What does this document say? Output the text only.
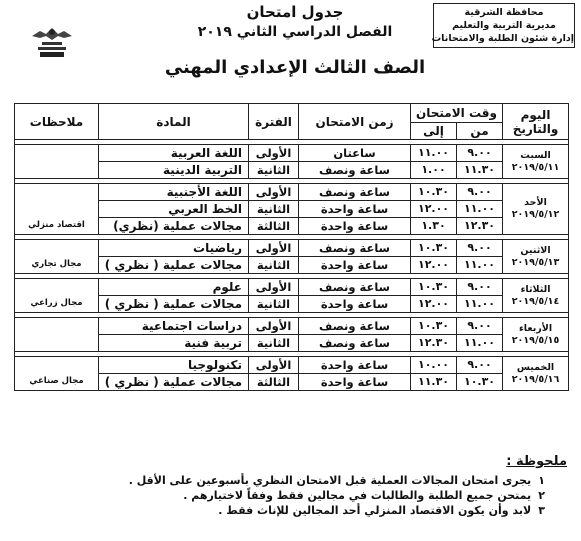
محافظة الشرقية
مديرية التربية والتعليم
إدارة شئون الطلبة والامتحانات
جدول امتحان
الفصل الدراسي الثاني ٢٠١٩
الصف الثالث الإعدادي المهني
اليوم والتاريخ	وقت الامتحان		زمن الامتحان	الفترة	المادة	ملاحظات
	من	إلى				

السبت
٢٠١٩/٥/١١	٩.٠٠	١١.٠٠	ساعتان	الأولى	اللغة العربية	
	١١.٣٠	١.٠٠	ساعة ونصف	الثانية	التربية الدينية	

الأحد
٢٠١٩/٥/١٢	٩.٠٠	١٠.٣٠	ساعة ونصف	الأولى	اللغة الأجنبية	اقتصاد منزلي
	١١.٠٠	١٢.٠٠	ساعة واحدة	الثانية	الخط العربي	
	١٢.٣٠	١.٣٠	ساعة واحدة	الثالثة	مجالات عملية (نظري)	

الاثنين
٢٠١٩/٥/١٣	٩.٠٠	١٠.٣٠	ساعة ونصف	الأولى	رياضيات	مجال تجاري
	١١.٠٠	١٢.٠٠	ساعة واحدة	الثانية	مجالات عملية ( نظري )	

الثلاثاء
٢٠١٩/٥/١٤	٩.٠٠	١٠.٣٠	ساعة ونصف	الأولى	علوم	مجال زراعي
	١١.٠٠	١٢.٠٠	ساعة واحدة	الثانية	مجالات عملية ( نظري )	

الأربعاء
٢٠١٩/٥/١٥	٩.٠٠	١٠.٣٠	ساعة ونصف	الأولى	دراسات اجتماعية	
	١١.٠٠	١٢.٣٠	ساعة ونصف	الثانية	تربية فنية	

الخميس
٢٠١٩/٥/١٦	٩.٠٠	١٠.٠٠	ساعة واحدة	الأولى	تكنولوجيا	مجال صناعي
	١٠.٣٠	١١.٣٠	ساعة واحدة	الثالثة	مجالات عملية ( نظري )	
ملحوظة :
١ يجرى امتحان المجالات العملية قبل الامتحان النظري بأسبوعين على الأقل .
٢ يمتحن جميع الطلبة والطالبات في مجالين فقط وفقاً لاختيارهم .
٣ لابد وأن يكون الاقتصاد المنزلي أحد المجالين للإناث فقط .
